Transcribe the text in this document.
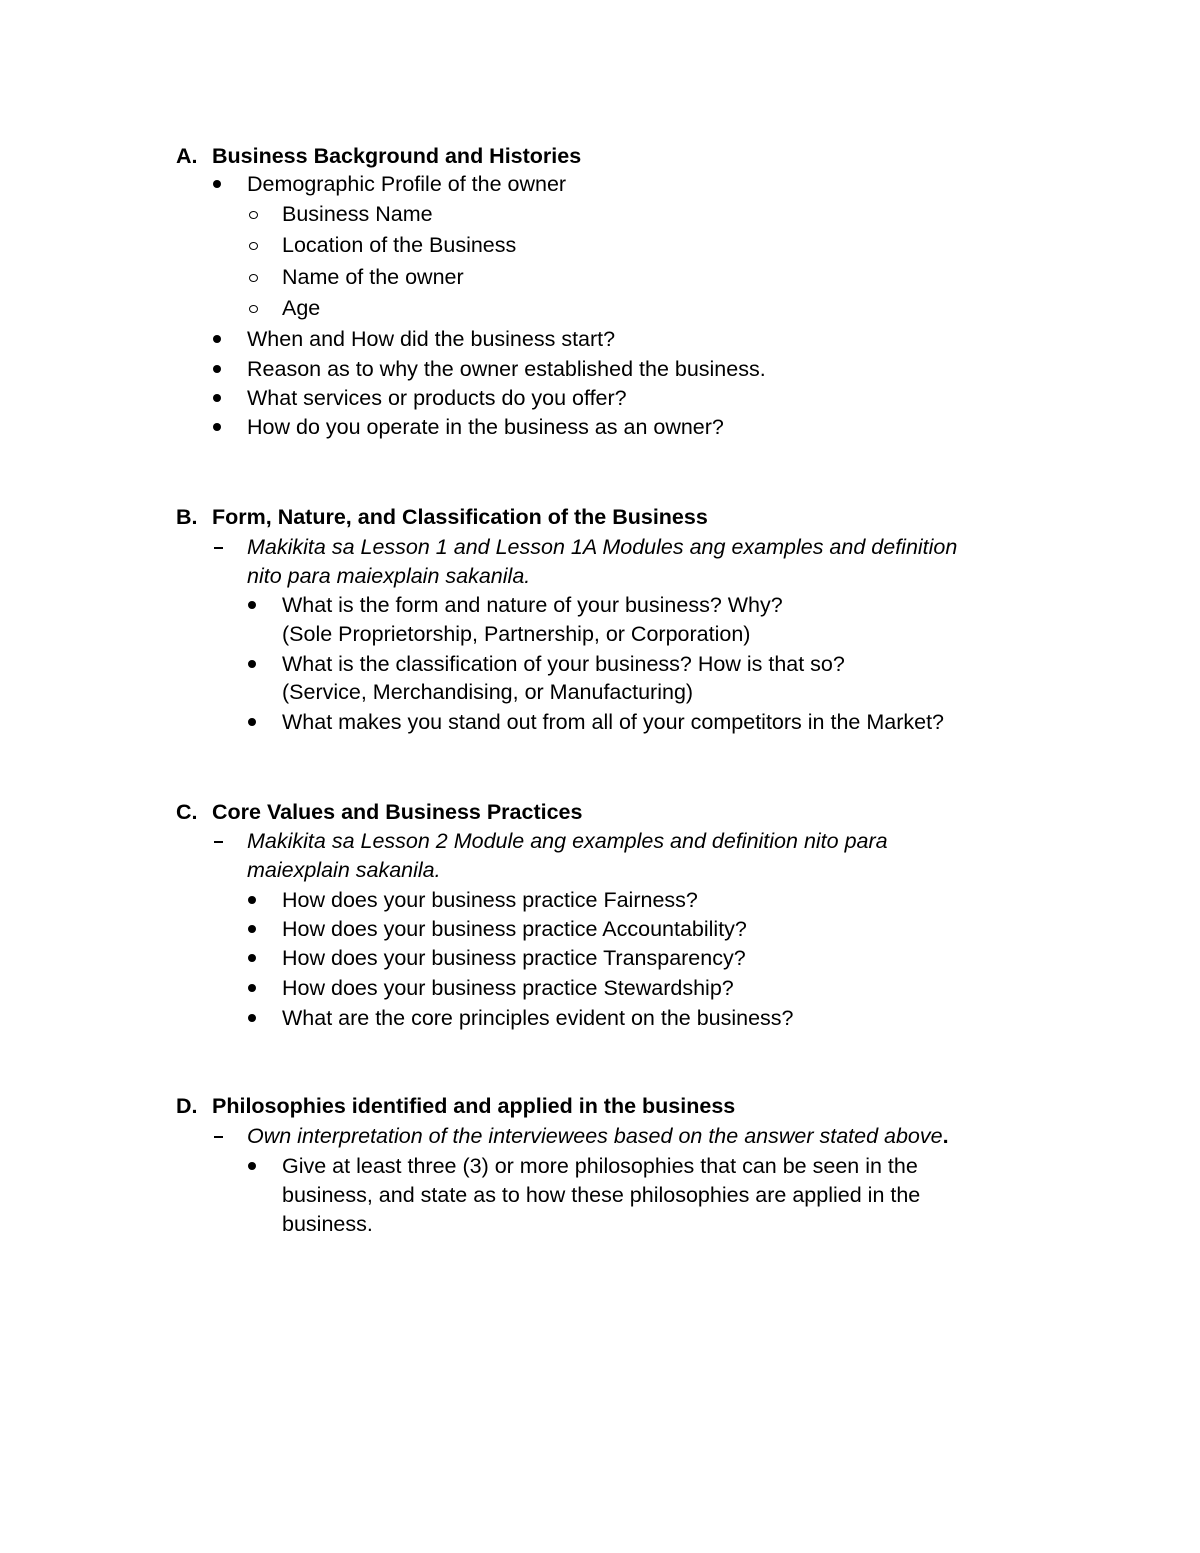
A. Business Background and Histories
Demographic Profile of the owner
Business Name
Location of the Business
Name of the owner
Age
When and How did the business start?
Reason as to why the owner established the business.
What services or products do you offer?
How do you operate in the business as an owner?
B. Form, Nature, and Classification of the Business
Makikita sa Lesson 1 and Lesson 1A Modules ang examples and definition
nito para maiexplain sakanila.
What is the form and nature of your business? Why?
(Sole Proprietorship, Partnership, or Corporation)
What is the classification of your business? How is that so?
(Service, Merchandising, or Manufacturing)
What makes you stand out from all of your competitors in the Market?
C. Core Values and Business Practices
Makikita sa Lesson 2 Module ang examples and definition nito para
maiexplain sakanila.
How does your business practice Fairness?
How does your business practice Accountability?
How does your business practice Transparency?
How does your business practice Stewardship?
What are the core principles evident on the business?
D. Philosophies identified and applied in the business
Own interpretation of the interviewees based on the answer stated above.
Give at least three (3) or more philosophies that can be seen in the
business, and state as to how these philosophies are applied in the
business.
